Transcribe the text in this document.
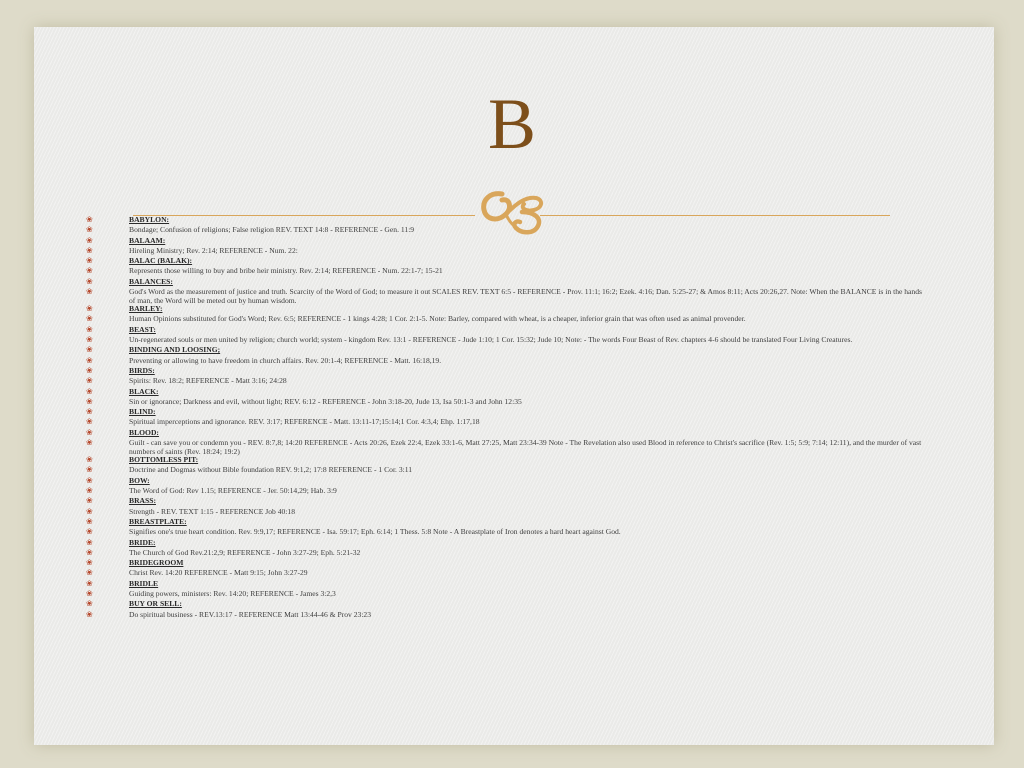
B
❀	BABYLON:
❀	Bondage; Confusion of religions; False religion REV. TEXT 14:8 - REFERENCE - Gen. 11:9
❀	BALAAM:
❀	Hireling Ministry; Rev. 2:14; REFERENCE - Num. 22:
❀	BALAC (BALAK):
❀	Represents those willing to buy and bribe heir ministry. Rev. 2:14; REFERENCE - Num. 22:1-7; 15-21
❀	BALANCES:
❀	God's Word as the measurement of justice and truth. Scarcity of the Word of God; to measure it out SCALES REV. TEXT 6:5 - REFERENCE - Prov. 11:1; 16:2; Ezek. 4:16; Dan. 5:25-27; & Amos 8:11; Acts 20:26,27. Note: When the BALANCE is in the hands of man, the Word will be meted out by human wisdom.
❀	BARLEY:
❀	Human Opinions substituted for God's Word; Rev. 6:5; REFERENCE - 1 kings 4:28; 1 Cor. 2:1-5. Note: Barley, compared with wheat, is a cheaper, inferior grain that was often used as animal provender.
❀	BEAST:
❀	Un-regenerated souls or men united by religion; church world; system - kingdom Rev. 13:1 - REFERENCE - Jude 1:10; 1 Cor. 15:32; Jude 10; Note: - The words Four Beast of Rev. chapters 4-6 should be translated Four Living Creatures.
❀	BINDING AND LOOSING;
❀	Preventing or allowing to have freedom in church affairs. Rev. 20:1-4; REFERENCE - Matt. 16:18,19.
❀	BIRDS:
❀	Spirits: Rev. 18:2; REFERENCE - Matt 3:16; 24:28
❀	BLACK:
❀	Sin or ignorance; Darkness and evil, without light; REV. 6:12 - REFERENCE - John 3:18-20, Jude 13, Isa 50:1-3 and John 12:35
❀	BLIND:
❀	Spiritual imperceptions and ignorance. REV. 3:17; REFERENCE - Matt. 13:11-17;15:14;1 Cor. 4:3,4; Ehp. 1:17,18
❀	BLOOD:
❀	Guilt - can save you or condemn you - REV. 8:7,8; 14:20 REFERENCE - Acts 20:26, Ezek 22:4, Ezek 33:1-6, Matt 27:25, Matt 23:34-39 Note - The Revelation also used Blood in reference to Christ's sacrifice (Rev. 1:5; 5:9; 7:14; 12:11), and the murder of vast numbers of saints (Rev. 18:24; 19:2)
❀	BOTTOMLESS PIT:
❀	Doctrine and Dogmas without Bible foundation REV. 9:1,2; 17:8 REFERENCE - 1 Cor. 3:11
❀	BOW:
❀	The Word of God: Rev 1.15; REFERENCE - Jer. 50:14,29; Hab. 3:9
❀	BRASS:
❀	Strength - REV. TEXT 1:15 - REFERENCE Job 40:18
❀	BREASTPLATE:
❀	Signifies one's true heart condition. Rev. 9:9,17; REFERENCE - Isa. 59:17; Eph. 6:14; 1 Thess. 5:8 Note - A Breastplate of Iron denotes a hard heart against God.
❀	BRIDE:
❀	The Church of God Rev.21:2,9; REFERENCE - John 3:27-29; Eph. 5:21-32
❀	BRIDEGROOM
❀	Christ Rev. 14:20 REFERENCE - Matt 9:15; John 3:27-29
❀	BRIDLE
❀	Guiding powers, ministers: Rev. 14:20; REFERENCE - James 3:2,3
❀	BUY OR SELL:
❀	Do spiritual business - REV.13:17 - REFERENCE Matt 13:44-46 & Prov 23:23
